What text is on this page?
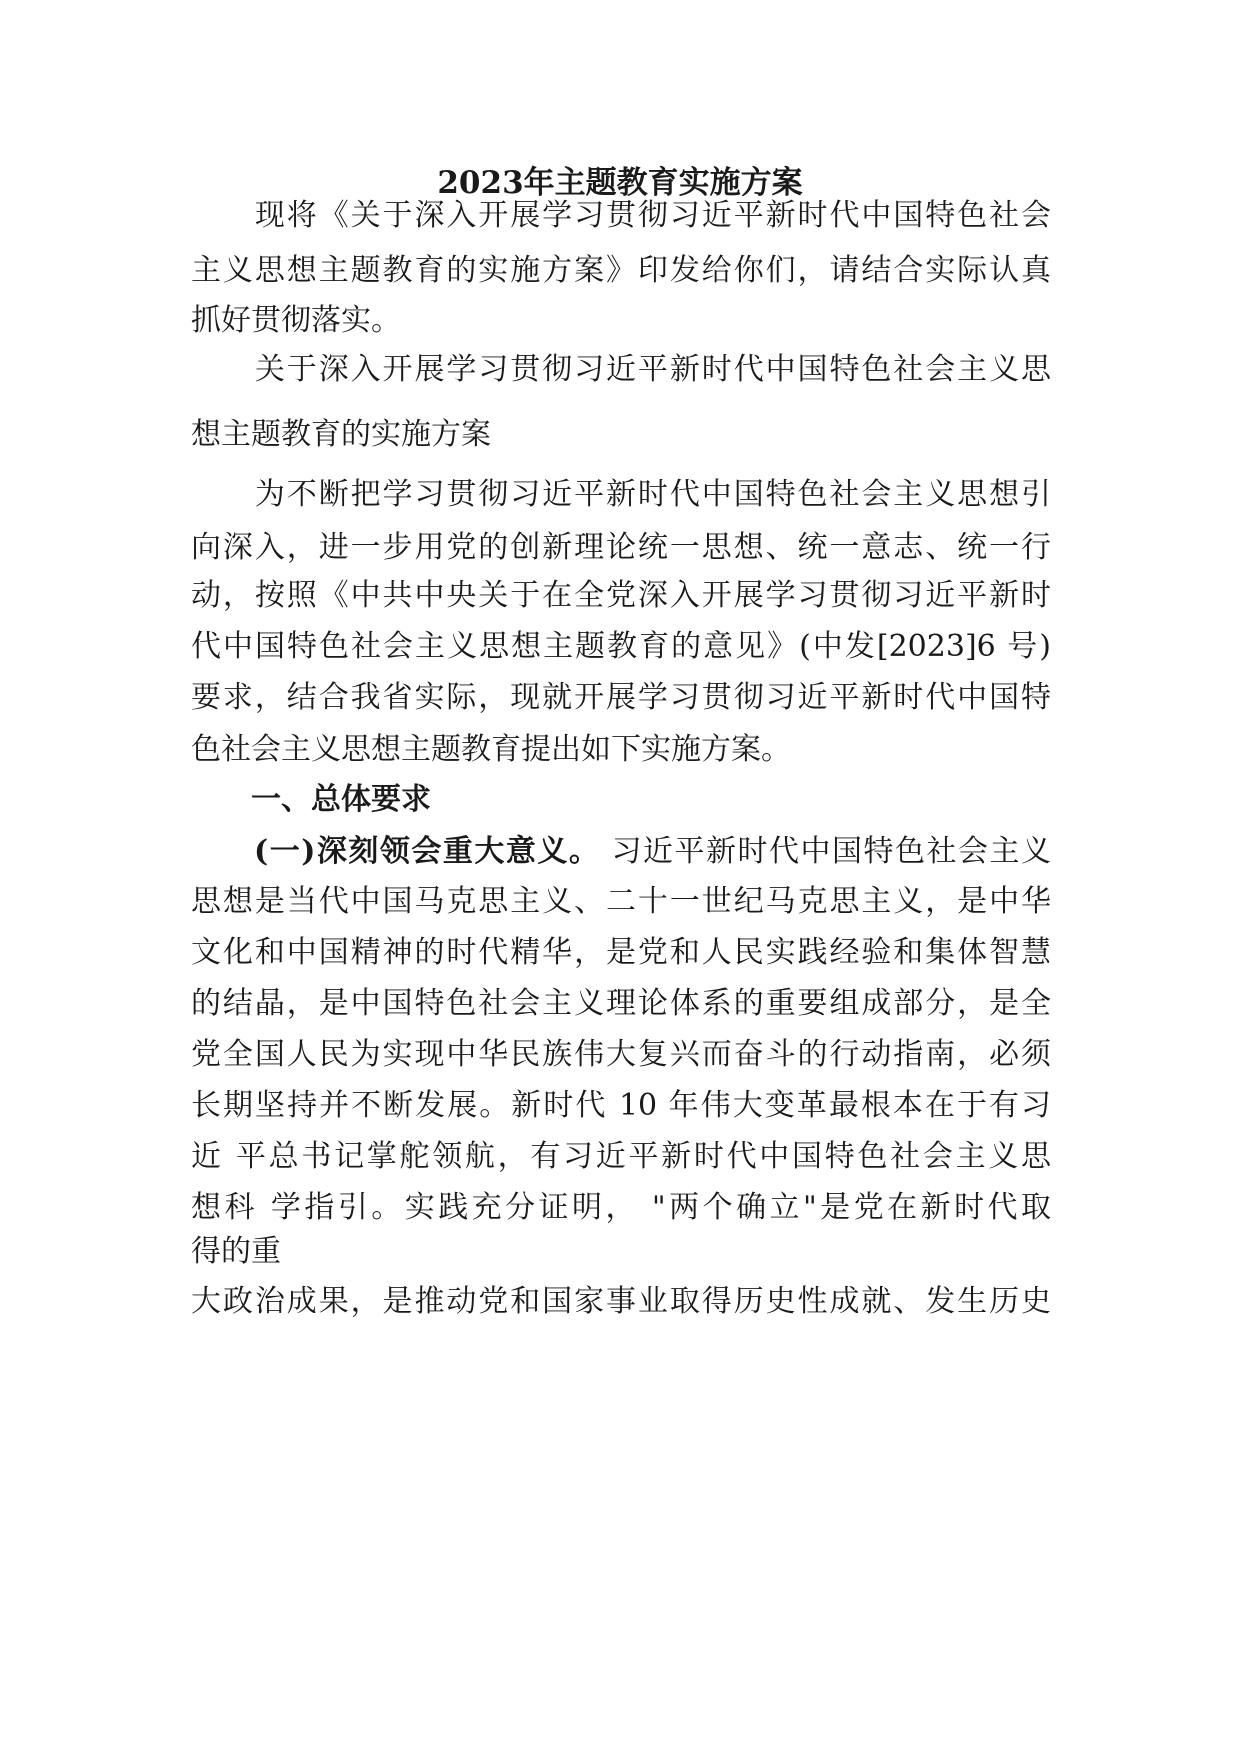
2023年主题教育实施方案
　　现将《关于深入开展学习贯彻习近平新时代中国特色社会
主义思想主题教育的实施方案》印发给你们，请结合实际认真
抓好贯彻落实。
　　关于深入开展学习贯彻习近平新时代中国特色社会主义思
想主题教育的实施方案
　　为不断把学习贯彻习近平新时代中国特色社会主义思想引
向深入，进一步用党的创新理论统一思想、统一意志、统一行
动，按照《中共中央关于在全党深入开展学习贯彻习近平新时
代中国特色社会主义思想主题教育的意见》(中发[2023]6 号)
要求，结合我省实际，现就开展学习贯彻习近平新时代中国特
色社会主义思想主题教育提出如下实施方案。
　　一、总体要求
　　(一)深刻领会重大意义。 习近平新时代中国特色社会主义
思想是当代中国马克思主义、二十一世纪马克思主义，是中华
文化和中国精神的时代精华，是党和人民实践经验和集体智慧
的结晶，是中国特色社会主义理论体系的重要组成部分，是全
党全国人民为实现中华民族伟大复兴而奋斗的行动指南，必须
长期坚持并不断发展。新时代 10 年伟大变革最根本在于有习
近 平总书记掌舵领航，有习近平新时代中国特色社会主义思
想科 学指引。实践充分证明， "两个确立"是党在新时代取
得的重
大政治成果，是推动党和国家事业取得历史性成就、发生历史
